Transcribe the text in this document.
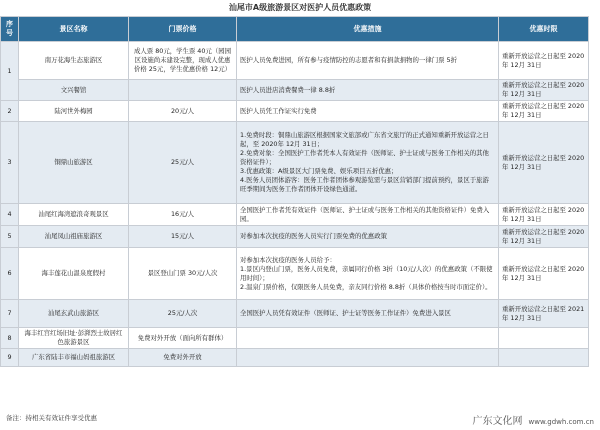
汕尾市A级旅游景区对医护人员优惠政策
序号	景区名称	门票价格	优惠措施	优惠时限
1	南万花海生态旅游区	成人票 80元，学生票 40元（园园区设施尚未建设完整，现成人优惠价格 25元，学生优惠价格 12元）	医护人员免费进园，所有参与疫情防控的志愿者和有捐款捐物的一律门票 5折	重新开放运营之日起至 2020年 12月 31日
	文兴餐馆		医护人员进店消费餐费一律 8.8折	重新开放运营之日起至 2020年 12月 31日
2	陆河世外梅园	20元/人	医护人员凭工作证实行免费	重新开放运营之日起至 2020年 12月 31日
3	铜鼎山旅游区	25元/人	1.免费时段：铜鼎山旅游区根据国家文旅部或广东省文旅厅的正式通知重新开放运营之日起，至 2020年 12月 31日；
2.免费对象：全国医护工作者凭本人有效证件（医师证、护士证或与医务工作相关的其他资格证件）；
3.优惠政策：A级景区大门票免费、娱乐项目五折优惠；
4.医务人员团体游客：医务工作者团体参观游览需与景区营销部门提前预约，景区于旅游旺季期间为医务工作者团体开设绿色通道。	重新开放运营之日起至 2020年 12月 31日
4	汕尾红海湾遮浪奇观景区	16元/人	全国医护工作者凭有效证件（医师证、护士证或与医务工作相关的其他资格证件）免费入园。	重新开放运营之日起至 2020年 12月 31日
5	汕尾凤山祖庙旅游区	15元/人	对参加本次抗疫的医务人员实行门票免费的优惠政策	重新开放运营之日起至 2020年 12月 31日
6	海丰莲花山温泉度假村	景区登山门票 30元/人次	对参加本次抗疫的医务人员给予：
1.景区内登山门票，医务人员免费，亲属同行价格 3折（10元/人次）的优惠政策（不限使用时间）；
2.温泉门票价格，仅限医务人员免费，亲友同行价格 8.8折（具体价格按当时市面定价）。	重新开放运营之日起至 2020年 12月 31日
7	汕尾玄武山旅游区	25元/人次	全国医护人员凭有效证件（医师证、护士证等医务工作证件）免费进入景区	重新开放运营之日起至 2021年 12月 31日
8	海丰红宫红场旧址·彭湃烈士故居红色旅游景区	免费对外开放（面向所有群体）		
9	广东省陆丰市福山妈祖旅游区	免费对外开放		
备注：持相关有效证件享受优惠	广东文化网 www.gdwh.com.cn
